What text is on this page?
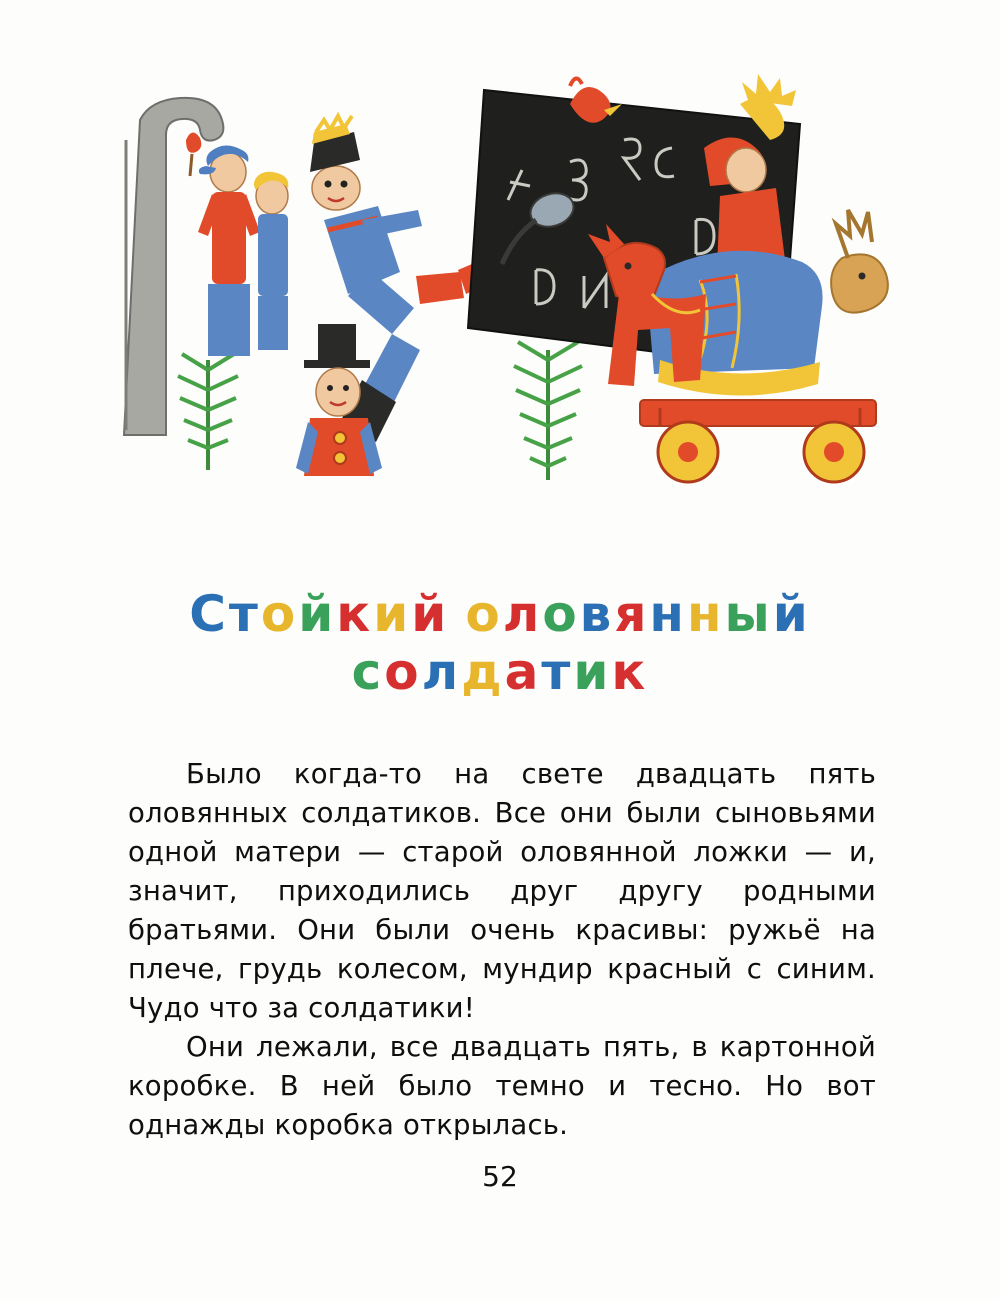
Стойкий оловянный
солдатик

Было когда-то на свете двадцать пять оловянных солдатиков. Все они были сыновьями одной матери — старой оловянной ложки — и, значит, приходились друг другу родными братьями. Они были очень красивы: ружьё на плече, грудь колесом, мундир красный с синим. Чудо что за солдатики!

Они лежали, все двадцать пять, в картонной коробке. В ней было темно и тесно. Но вот однажды коробка открылась.

52
